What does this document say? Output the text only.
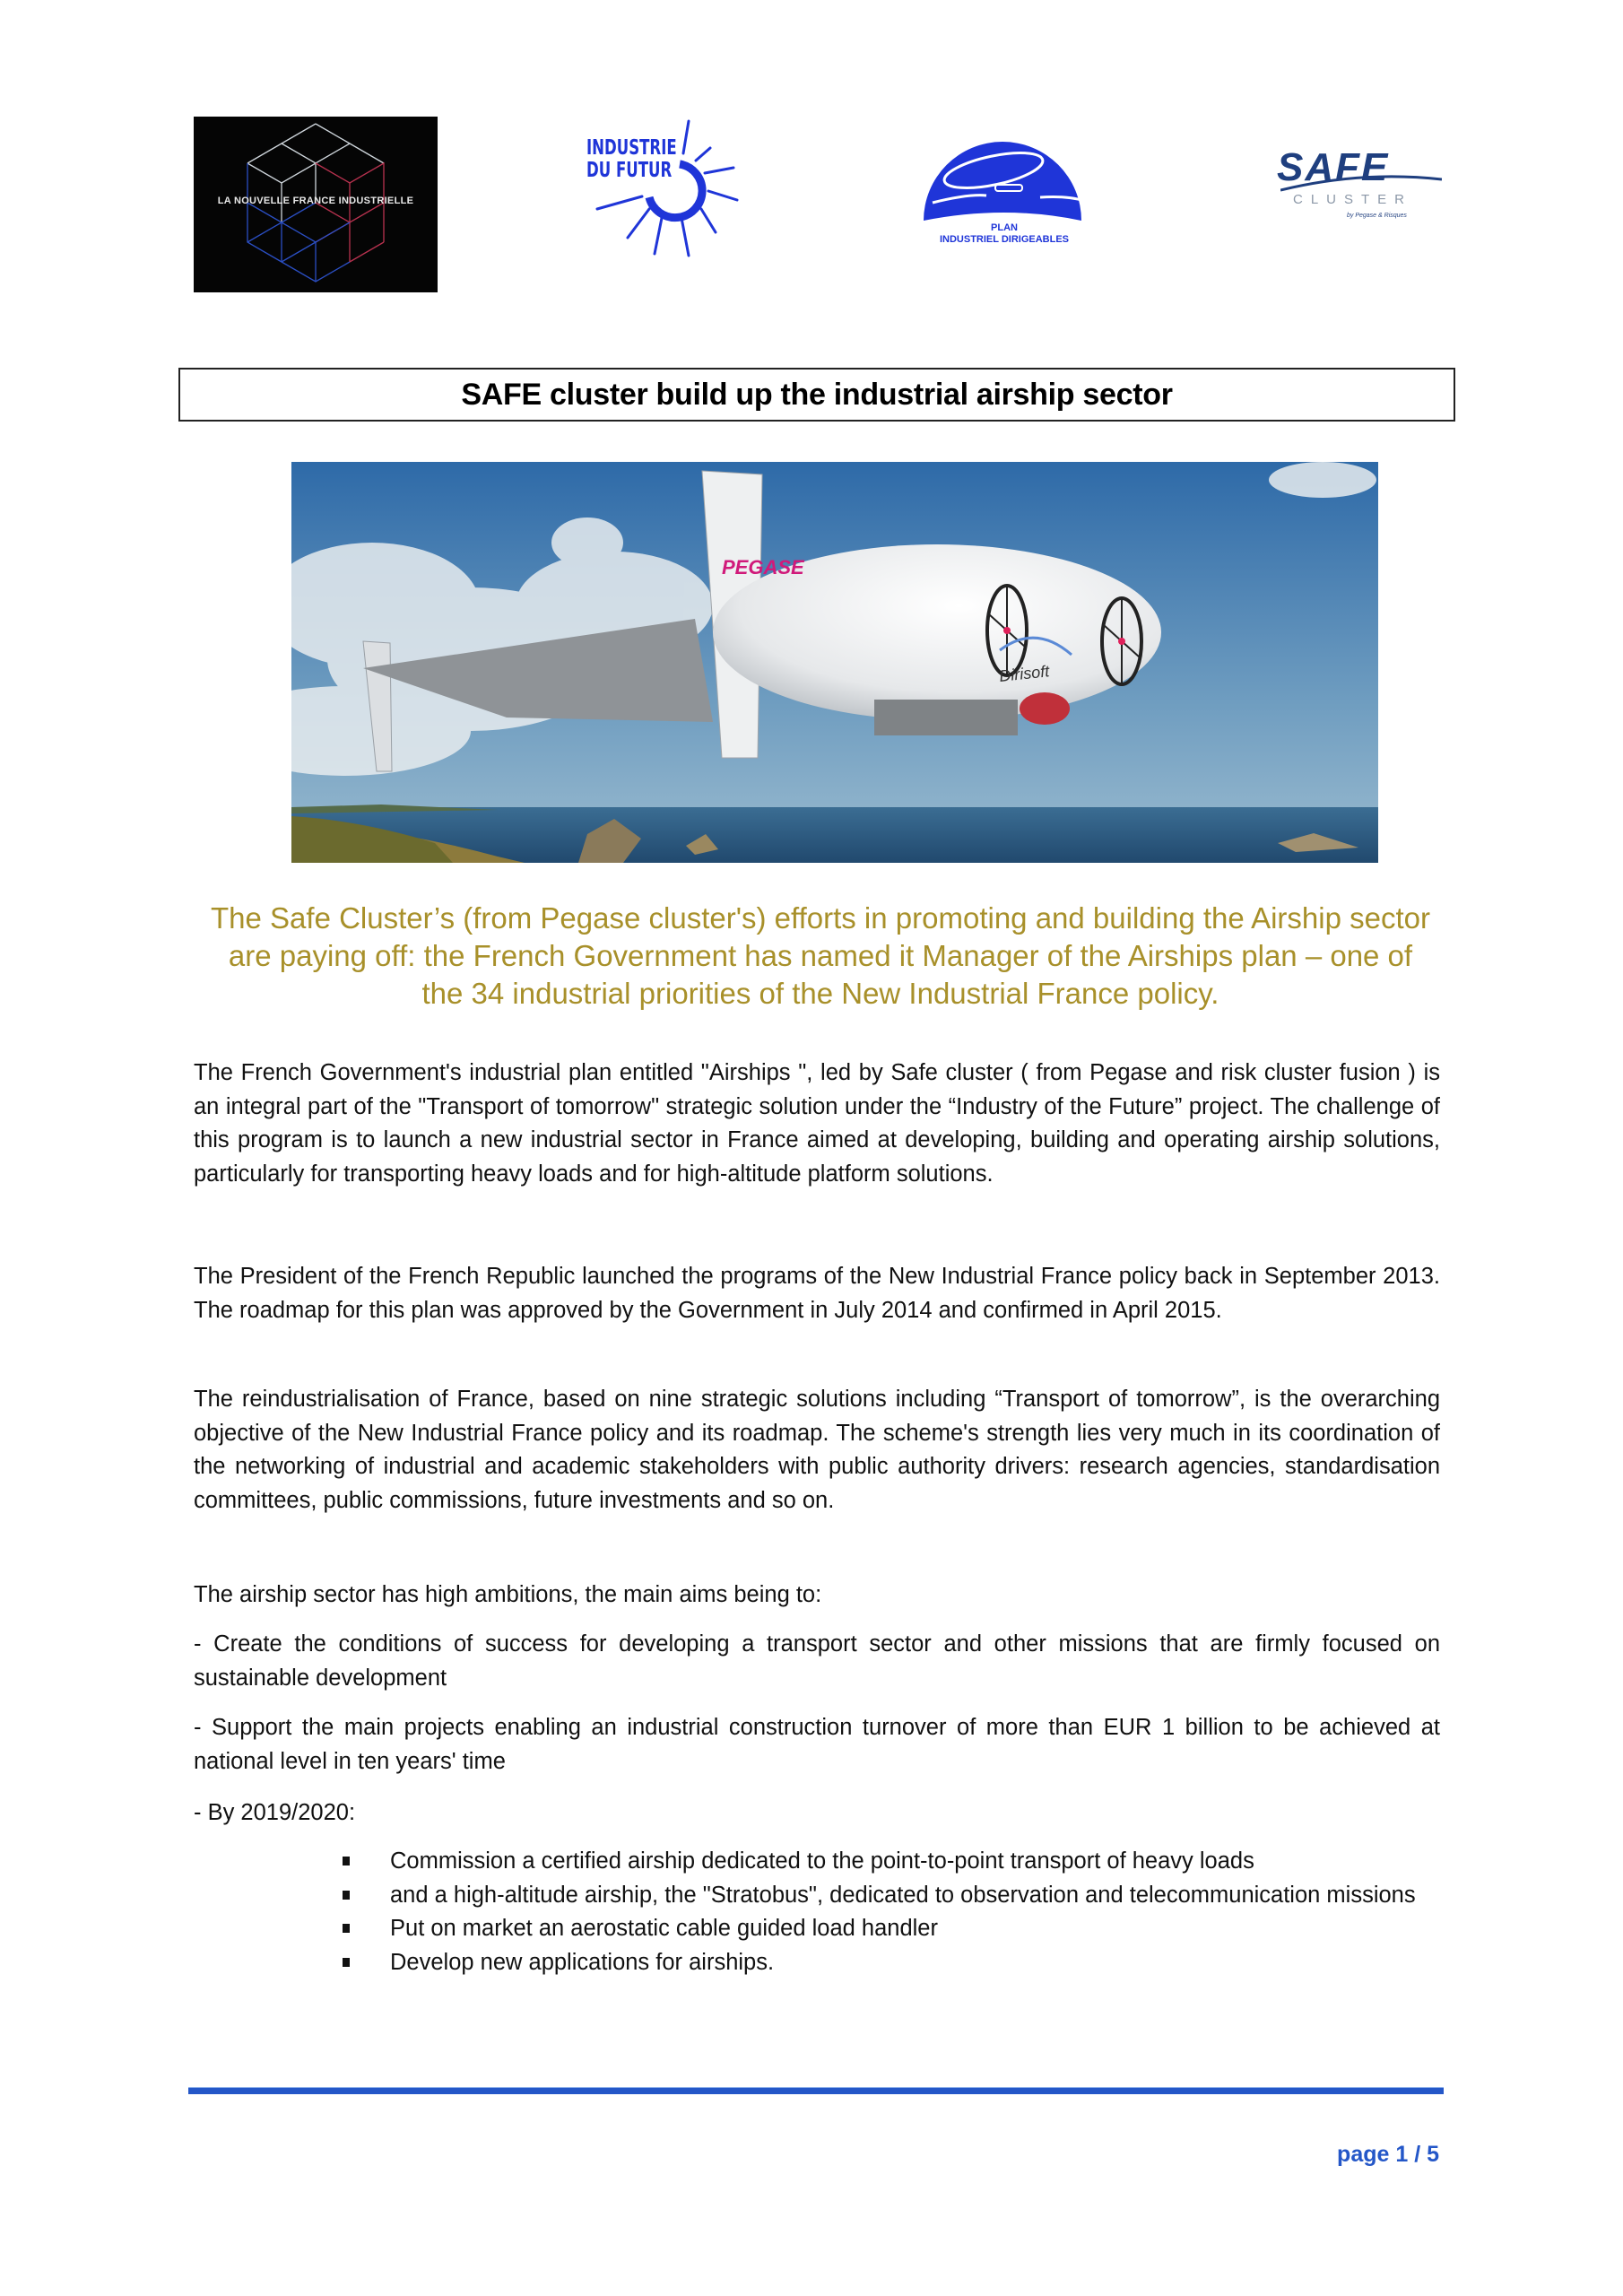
LA NOUVELLE FRANCE INDUSTRIELLE
INDUSTRIE
DU FUTUR
PLAN
INDUSTRIEL DIRIGEABLES
SAFE
CLUSTER
by Pegase & Risques
SAFE cluster build up the industrial airship sector
PEGASE
Dirisoft
The Safe Cluster’s (from Pegase cluster's) efforts in promoting and building the Airship sector are paying off: the French Government has named it Manager of the Airships plan – one of the 34 industrial priorities of the New Industrial France policy.
The French Government's industrial plan entitled "Airships ", led by Safe cluster ( from Pegase and risk cluster fusion ) is an integral part of the "Transport of tomorrow" strategic solution under the “Industry of the Future” project. The challenge of this program is to launch a new industrial sector in France aimed at developing, building and operating airship solutions, particularly for transporting heavy loads and for high-altitude platform solutions.
The President of the French Republic launched the programs of the New Industrial France policy back in September 2013. The roadmap for this plan was approved by the Government in July 2014 and confirmed in April 2015.
The reindustrialisation of France, based on nine strategic solutions including “Transport of tomorrow”, is the overarching objective of the New Industrial France policy and its roadmap. The scheme's strength lies very much in its coordination of the networking of industrial and academic stakeholders with public authority drivers: research agencies, standardisation committees, public commissions, future investments and so on.
The airship sector has high ambitions, the main aims being to:
- Create the conditions of success for developing a transport sector and other missions that are firmly focused on sustainable development
- Support the main projects enabling an industrial construction turnover of more than EUR 1 billion to be achieved at national level in ten years' time
- By 2019/2020:
Commission a certified airship dedicated to the point-to-point transport of heavy loads
and a high-altitude airship, the "Stratobus", dedicated to observation and telecommunication missions
Put on market an aerostatic cable guided load handler
Develop new applications for airships.
page 1 / 5
